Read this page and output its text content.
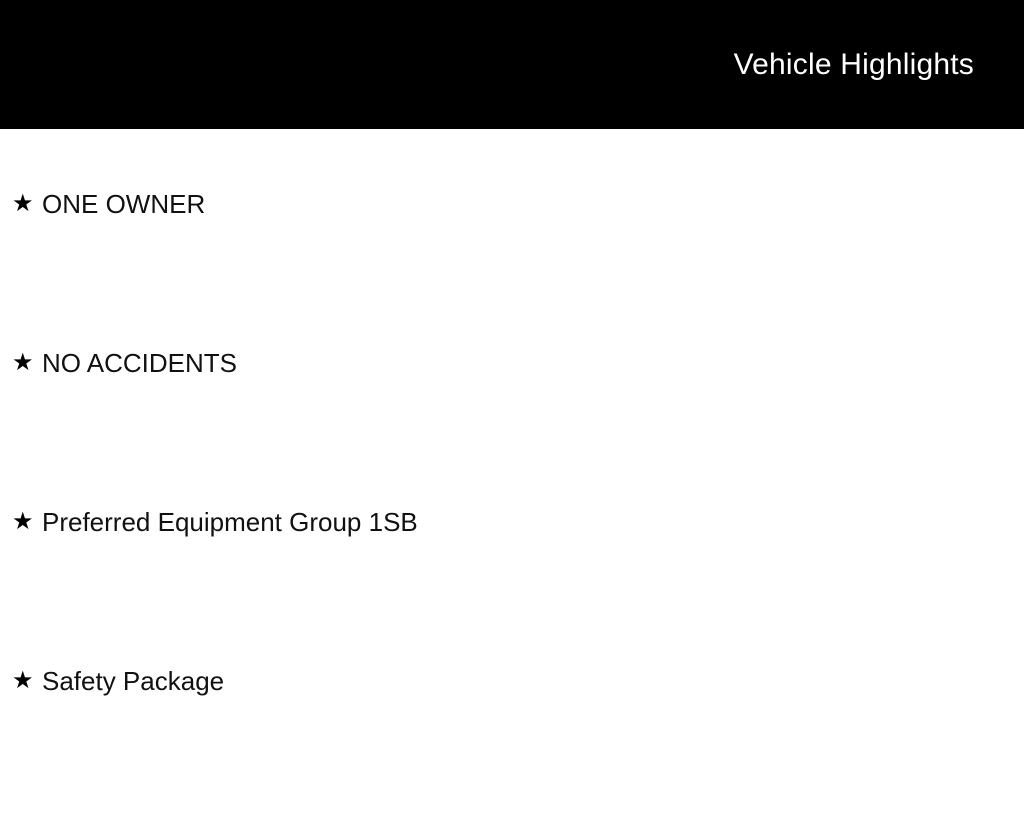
Vehicle Highlights
★ ONE OWNER
★ NO ACCIDENTS
★ Preferred Equipment Group 1SB
★ Safety Package
